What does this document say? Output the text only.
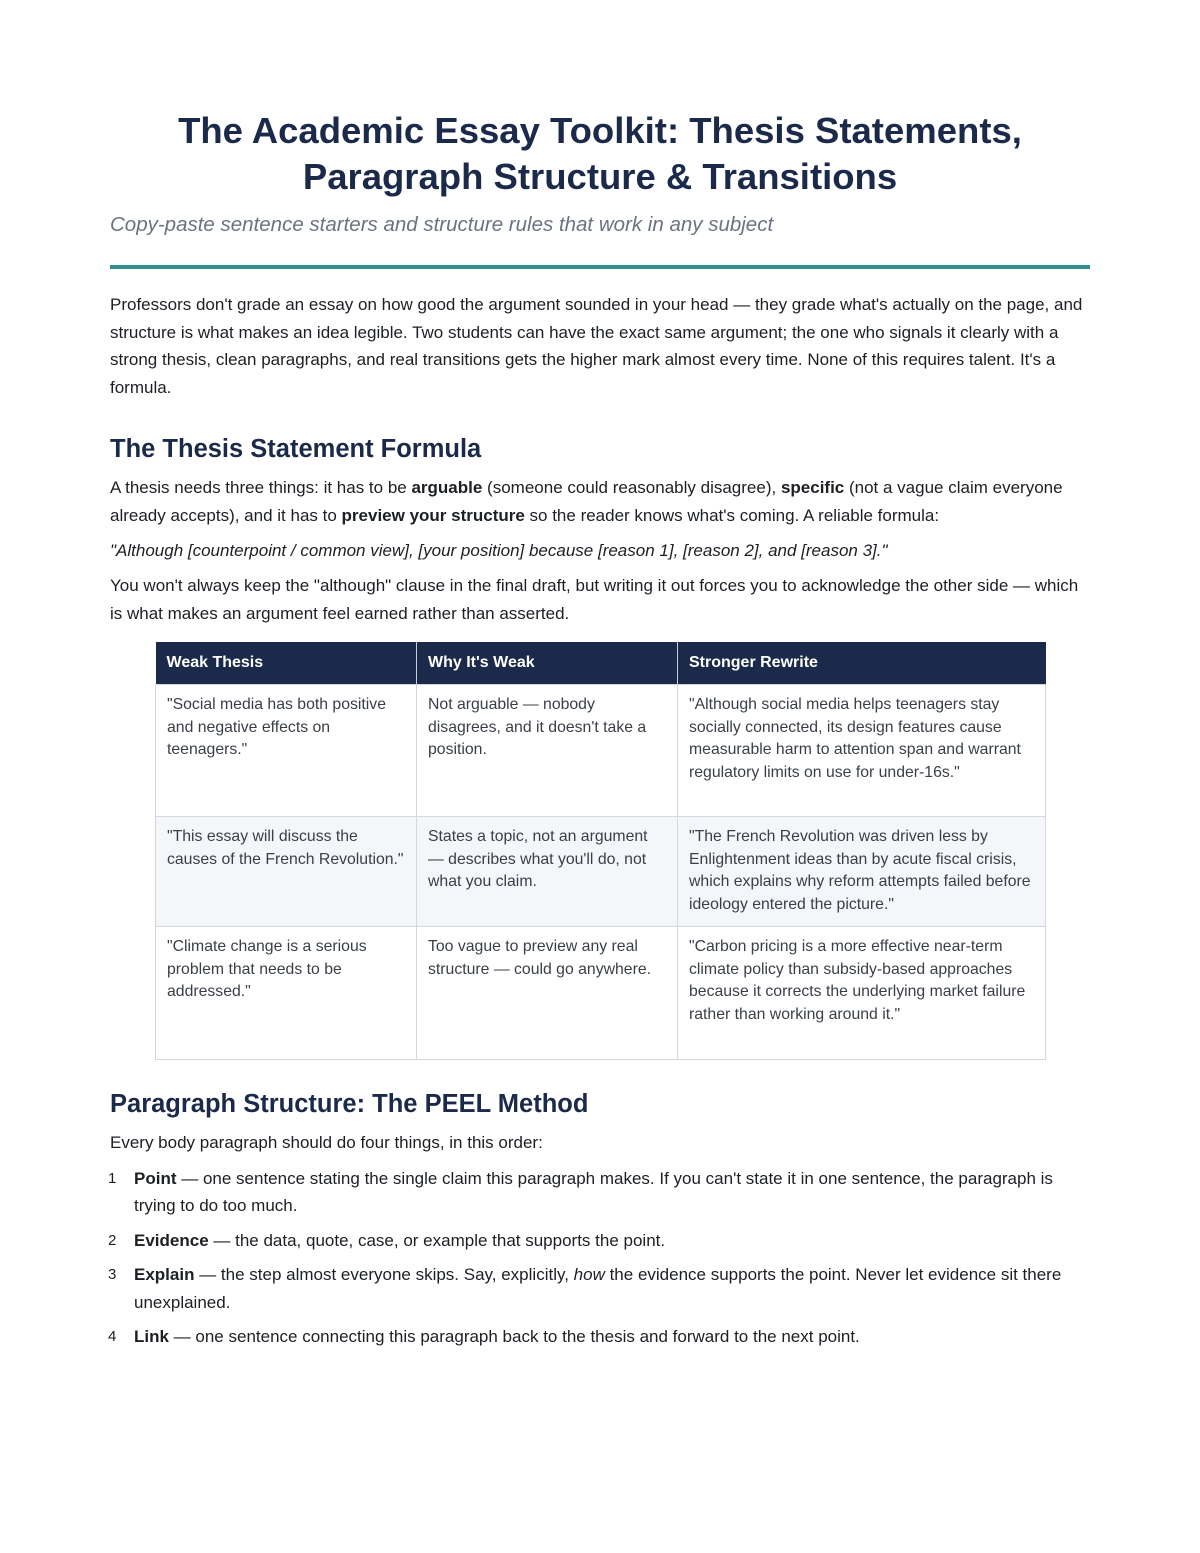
The Academic Essay Toolkit: Thesis Statements,
Paragraph Structure & Transitions

Copy-paste sentence starters and structure rules that work in any subject

Professors don't grade an essay on how good the argument sounded in your head — they grade what's actually on the page, and structure is what makes an idea legible. Two students can have the exact same argument; the one who signals it clearly with a strong thesis, clean paragraphs, and real transitions gets the higher mark almost every time. None of this requires talent. It's a formula.

The Thesis Statement Formula

A thesis needs three things: it has to be arguable (someone could reasonably disagree), specific (not a vague claim everyone already accepts), and it has to preview your structure so the reader knows what's coming. A reliable formula:

"Although [counterpoint / common view], [your position] because [reason 1], [reason 2], and [reason 3]."

You won't always keep the "although" clause in the final draft, but writing it out forces you to acknowledge the other side — which is what makes an argument feel earned rather than asserted.

Weak Thesis	Why It's Weak	Stronger Rewrite
"Social media has both positive and negative effects on teenagers."	Not arguable — nobody disagrees, and it doesn't take a position.	"Although social media helps teenagers stay socially connected, its design features cause measurable harm to attention span and warrant regulatory limits on use for under-16s."
"This essay will discuss the causes of the French Revolution."	States a topic, not an argument — describes what you'll do, not what you claim.	"The French Revolution was driven less by Enlightenment ideas than by acute fiscal crisis, which explains why reform attempts failed before ideology entered the picture."
"Climate change is a serious problem that needs to be addressed."	Too vague to preview any real structure — could go anywhere.	"Carbon pricing is a more effective near-term climate policy than subsidy-based approaches because it corrects the underlying market failure rather than working around it."
Paragraph Structure: The PEEL Method

Every body paragraph should do four things, in this order:

1 Point — one sentence stating the single claim this paragraph makes. If you can't state it in one sentence, the paragraph is trying to do too much.
2 Evidence — the data, quote, case, or example that supports the point.
3 Explain — the step almost everyone skips. Say, explicitly, how the evidence supports the point. Never let evidence sit there unexplained.
4 Link — one sentence connecting this paragraph back to the thesis and forward to the next point.
